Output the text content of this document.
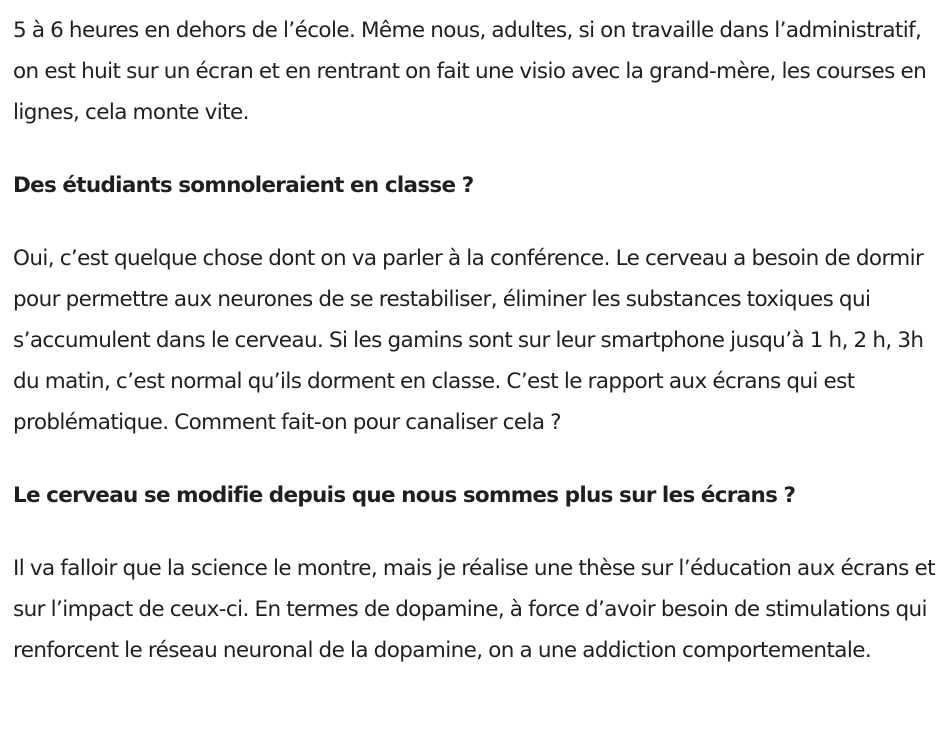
5 à 6 heures en dehors de l’école. Même nous, adultes, si on travaille dans l’administratif, on est huit sur un écran et en rentrant on fait une visio avec la grand-mère, les courses en lignes, cela monte vite.

Des étudiants somnoleraient en classe ?

Oui, c’est quelque chose dont on va parler à la conférence. Le cerveau a besoin de dormir pour permettre aux neurones de se restabiliser, éliminer les substances toxiques qui s’accumulent dans le cerveau. Si les gamins sont sur leur smartphone jusqu’à 1 h, 2 h, 3h du matin, c’est normal qu’ils dorment en classe. C’est le rapport aux écrans qui est problématique. Comment fait-on pour canaliser cela ?

Le cerveau se modifie depuis que nous sommes plus sur les écrans ?

Il va falloir que la science le montre, mais je réalise une thèse sur l’éducation aux écrans et sur l’impact de ceux-ci. En termes de dopamine, à force d’avoir besoin de stimulations qui renforcent le réseau neuronal de la dopamine, on a une addiction comportementale.
